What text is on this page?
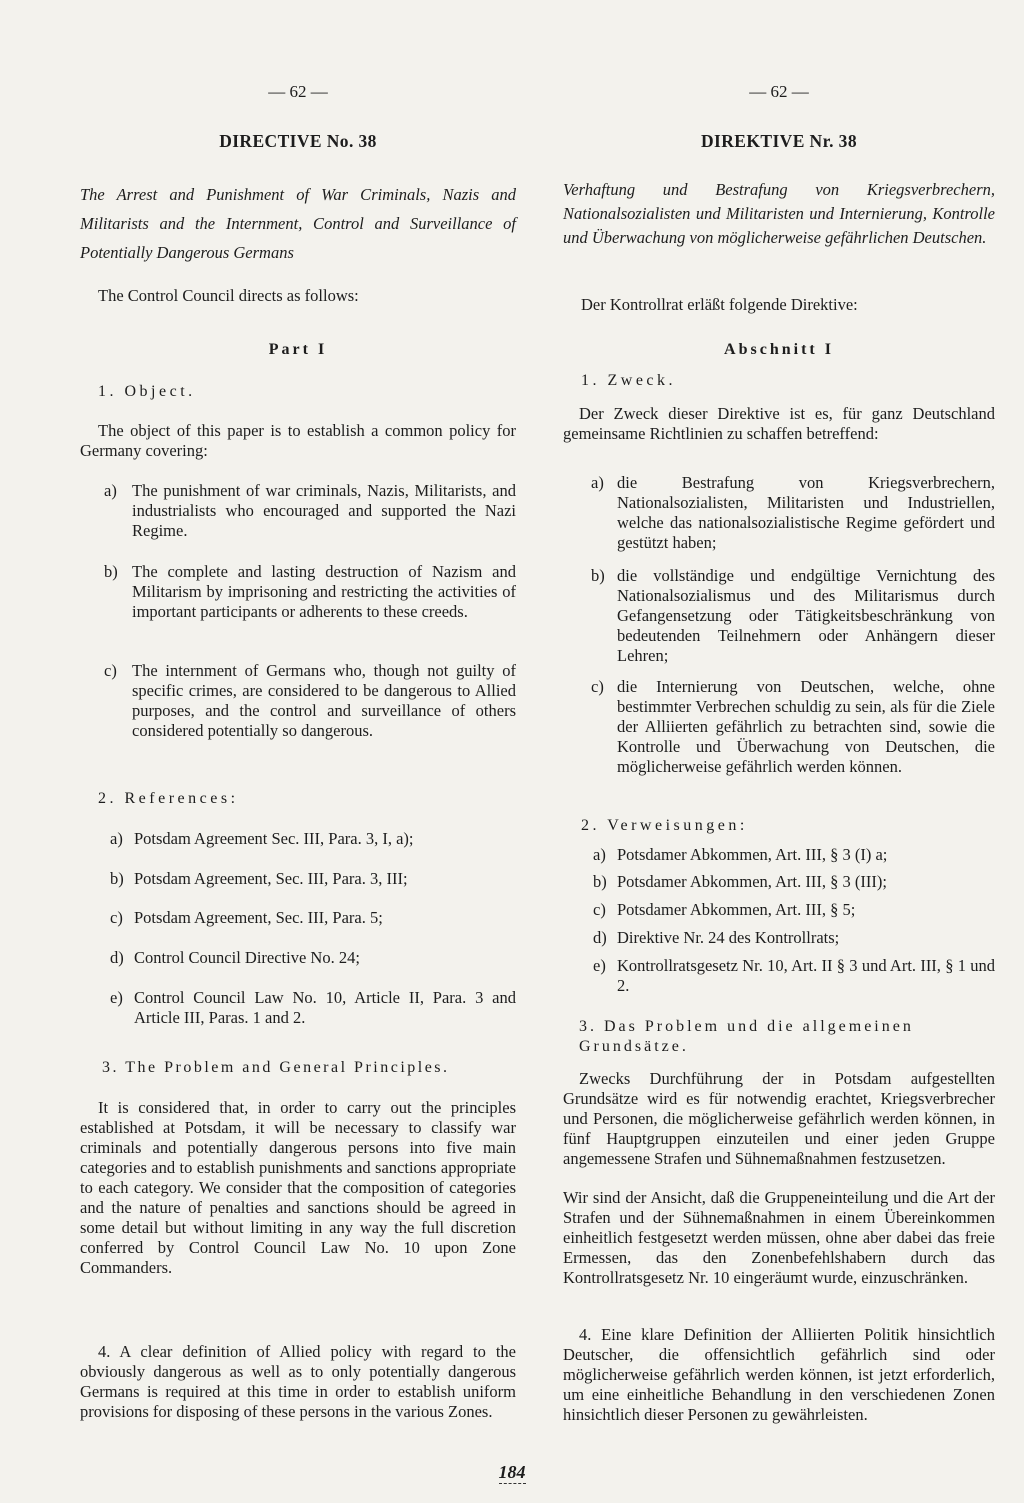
— 62 —
DIRECTIVE No. 38
The Arrest and Punishment of War Criminals, Nazis and Militarists and the Internment, Control and Surveillance of Potentially Dangerous Germans
The Control Council directs as follows:
Part I
1. Object.
The object of this paper is to establish a common policy for Germany covering:
a) The punishment of war criminals, Nazis, Militarists, and industrialists who encouraged and supported the Nazi Regime.
b) The complete and lasting destruction of Nazism and Militarism by imprisoning and restricting the activities of important participants or adherents to these creeds.
c) The internment of Germans who, though not guilty of specific crimes, are considered to be dangerous to Allied purposes, and the control and surveillance of others considered potentially so dangerous.
2. References:
a) Potsdam Agreement Sec. III, Para. 3, I, a);
b) Potsdam Agreement, Sec. III, Para. 3, III;
c) Potsdam Agreement, Sec. III, Para. 5;
d) Control Council Directive No. 24;
e) Control Council Law No. 10, Article II, Para. 3 and Article III, Paras. 1 and 2.
3. The Problem and General Principles.
It is considered that, in order to carry out the principles established at Potsdam, it will be necessary to classify war criminals and potentially dangerous persons into five main categories and to establish punishments and sanctions appropriate to each category. We consider that the composition of categories and the nature of penalties and sanctions should be agreed in some detail but without limiting in any way the full discretion conferred by Control Council Law No. 10 upon Zone Commanders.
4. A clear definition of Allied policy with regard to the obviously dangerous as well as to only potentially dangerous Germans is required at this time in order to establish uniform provisions for disposing of these persons in the various Zones.
— 62 —
DIREKTIVE Nr. 38
Verhaftung und Bestrafung von Kriegsverbrechern, Nationalsozialisten und Militaristen und Internierung, Kontrolle und Überwachung von möglicherweise gefährlichen Deutschen.
Der Kontrollrat erläßt folgende Direktive:
Abschnitt I
1. Zweck.
Der Zweck dieser Direktive ist es, für ganz Deutschland gemeinsame Richtlinien zu schaffen betreffend:
a) die Bestrafung von Kriegsverbrechern, Nationalsozialisten, Militaristen und Industriellen, welche das nationalsozialistische Regime gefördert und gestützt haben;
b) die vollständige und endgültige Vernichtung des Nationalsozialismus und des Militarismus durch Gefangensetzung oder Tätigkeitsbeschränkung von bedeutenden Teilnehmern oder Anhängern dieser Lehren;
c) die Internierung von Deutschen, welche, ohne bestimmter Verbrechen schuldig zu sein, als für die Ziele der Alliierten gefährlich zu betrachten sind, sowie die Kontrolle und Überwachung von Deutschen, die möglicherweise gefährlich werden können.
2. Verweisungen:
a) Potsdamer Abkommen, Art. III, § 3 (I) a;
b) Potsdamer Abkommen, Art. III, § 3 (III);
c) Potsdamer Abkommen, Art. III, § 5;
d) Direktive Nr. 24 des Kontrollrats;
e) Kontrollratsgesetz Nr. 10, Art. II § 3 und Art. III, § 1 und 2.
3. Das Problem und die allgemeinen Grundsätze.
Zwecks Durchführung der in Potsdam aufgestellten Grundsätze wird es für notwendig erachtet, Kriegsverbrecher und Personen, die möglicherweise gefährlich werden können, in fünf Hauptgruppen einzuteilen und einer jeden Gruppe angemessene Strafen und Sühnemaßnahmen festzusetzen.
Wir sind der Ansicht, daß die Gruppeneinteilung und die Art der Strafen und der Sühnemaßnahmen in einem Übereinkommen einheitlich festgesetzt werden müssen, ohne aber dabei das freie Ermessen, das den Zonenbefehlshabern durch das Kontrollratsgesetz Nr. 10 eingeräumt wurde, einzuschränken.
4. Eine klare Definition der Alliierten Politik hinsichtlich Deutscher, die offensichtlich gefährlich sind oder möglicherweise gefährlich werden können, ist jetzt erforderlich, um eine einheitliche Behandlung in den verschiedenen Zonen hinsichtlich dieser Personen zu gewährleisten.
184
